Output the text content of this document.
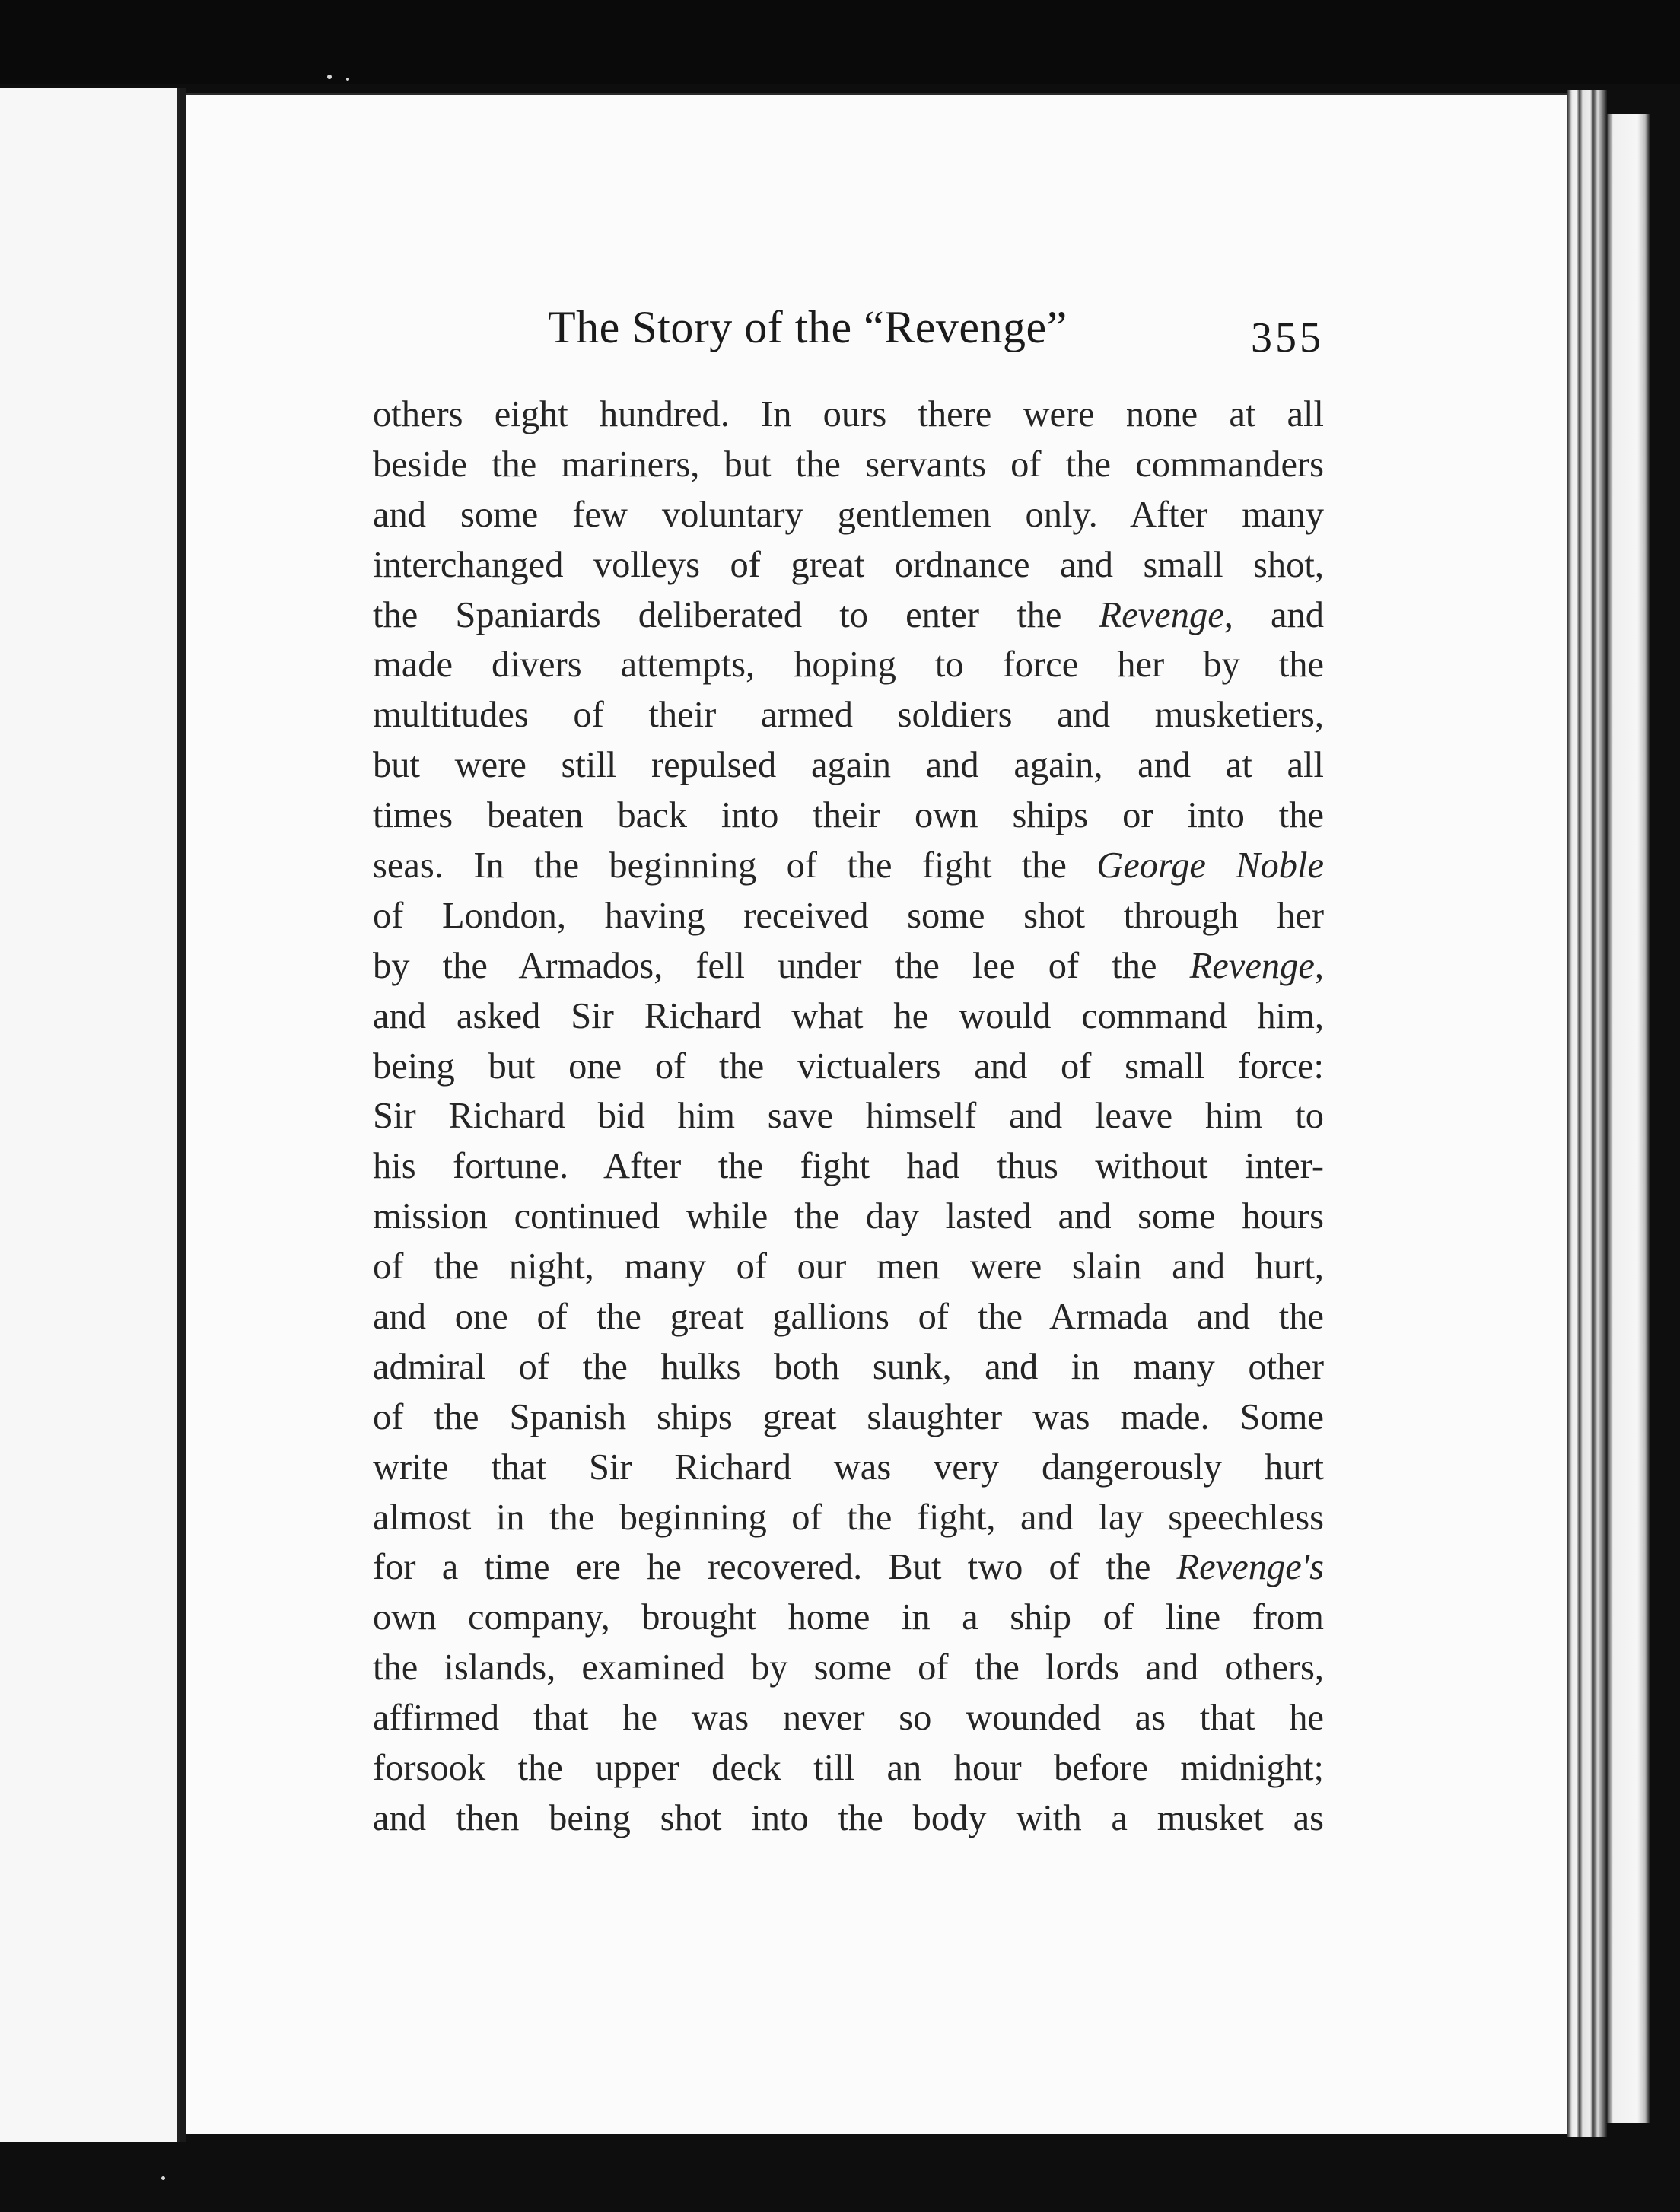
The Story of the “Revenge”	355
others eight hundred. In ours there were none at all
beside the mariners, but the servants of the commanders
and some few voluntary gentlemen only. After many
interchanged volleys of great ordnance and small shot,
the Spaniards deliberated to enter the Revenge, and
made divers attempts, hoping to force her by the
multitudes of their armed soldiers and musketiers,
but were still repulsed again and again, and at all
times beaten back into their own ships or into the
seas. In the beginning of the fight the George Noble
of London, having received some shot through her
by the Armados, fell under the lee of the Revenge,
and asked Sir Richard what he would command him,
being but one of the victualers and of small force:
Sir Richard bid him save himself and leave him to
his fortune. After the fight had thus without inter-
mission continued while the day lasted and some hours
of the night, many of our men were slain and hurt,
and one of the great gallions of the Armada and the
admiral of the hulks both sunk, and in many other
of the Spanish ships great slaughter was made. Some
write that Sir Richard was very dangerously hurt
almost in the beginning of the fight, and lay speechless
for a time ere he recovered. But two of the Revenge's
own company, brought home in a ship of line from
the islands, examined by some of the lords and others,
affirmed that he was never so wounded as that he
forsook the upper deck till an hour before midnight;
and then being shot into the body with a musket as
